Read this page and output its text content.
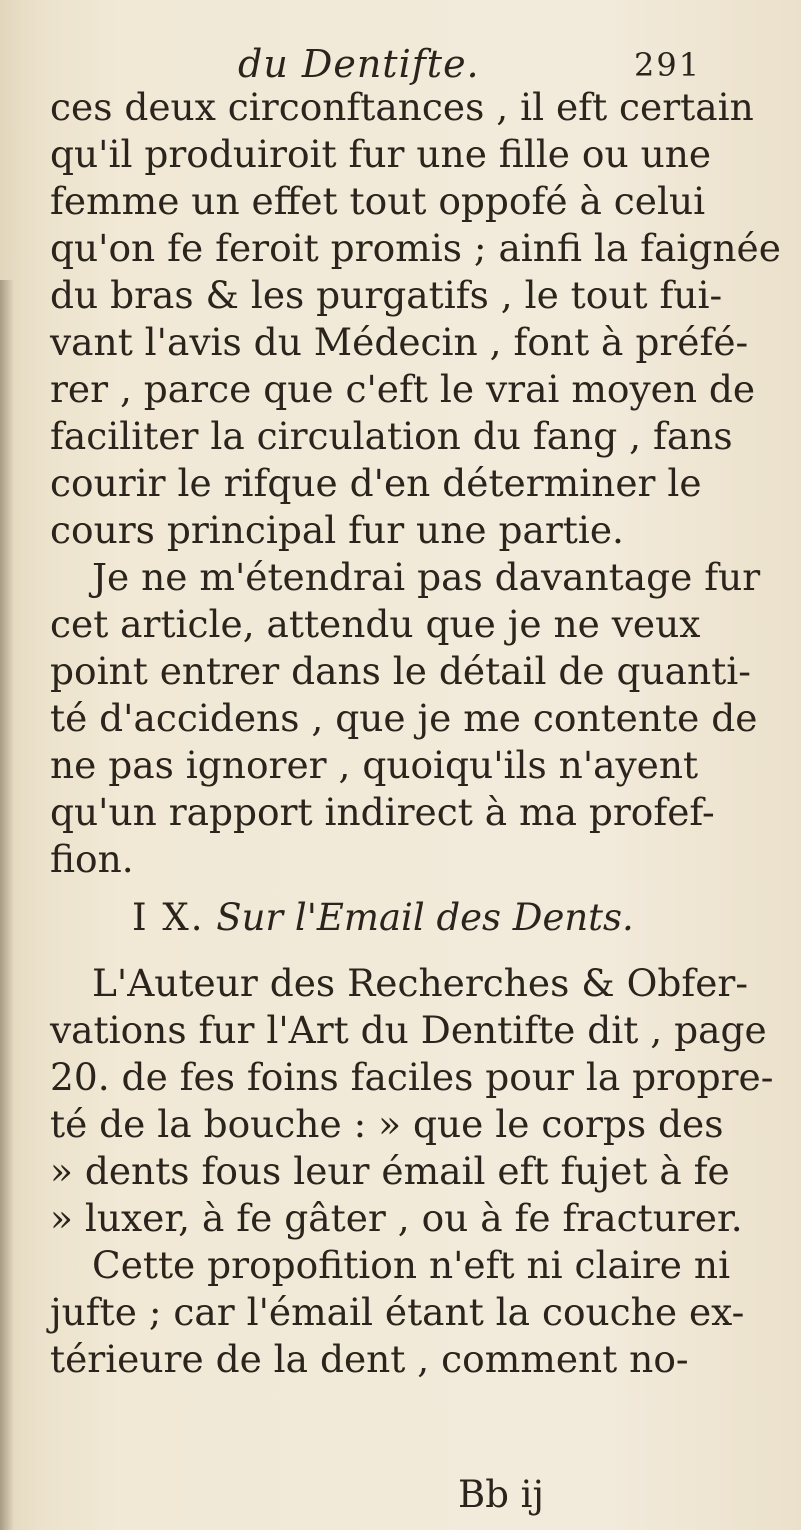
du Dentifte.	291
ces deux circonftances , il eft certain
qu'il produiroit fur une fille ou une
femme un effet tout oppofé à celui
qu'on fe feroit promis ; ainfi la faignée
du bras & les purgatifs , le tout fui-
vant l'avis du Médecin , font à préfé-
rer , parce que c'eft le vrai moyen de
faciliter la circulation du fang , fans
courir le rifque d'en déterminer le
cours principal fur une partie.
Je ne m'étendrai pas davantage fur
cet article, attendu que je ne veux
point entrer dans le détail de quanti-
té d'accidens , que je me contente de
ne pas ignorer , quoiqu'ils n'ayent
qu'un rapport indirect à ma profef-
fion.
I X. Sur l'Email des Dents.
L'Auteur des Recherches & Obfer-
vations fur l'Art du Dentifte dit , page
20. de fes foins faciles pour la propre-
té de la bouche : » que le corps des
» dents fous leur émail eft fujet à fe
» luxer, à fe gâter , ou à fe fracturer.
Cette propofition n'eft ni claire ni
jufte ; car l'émail étant la couche ex-
térieure de la dent , comment no-
Bb ij
